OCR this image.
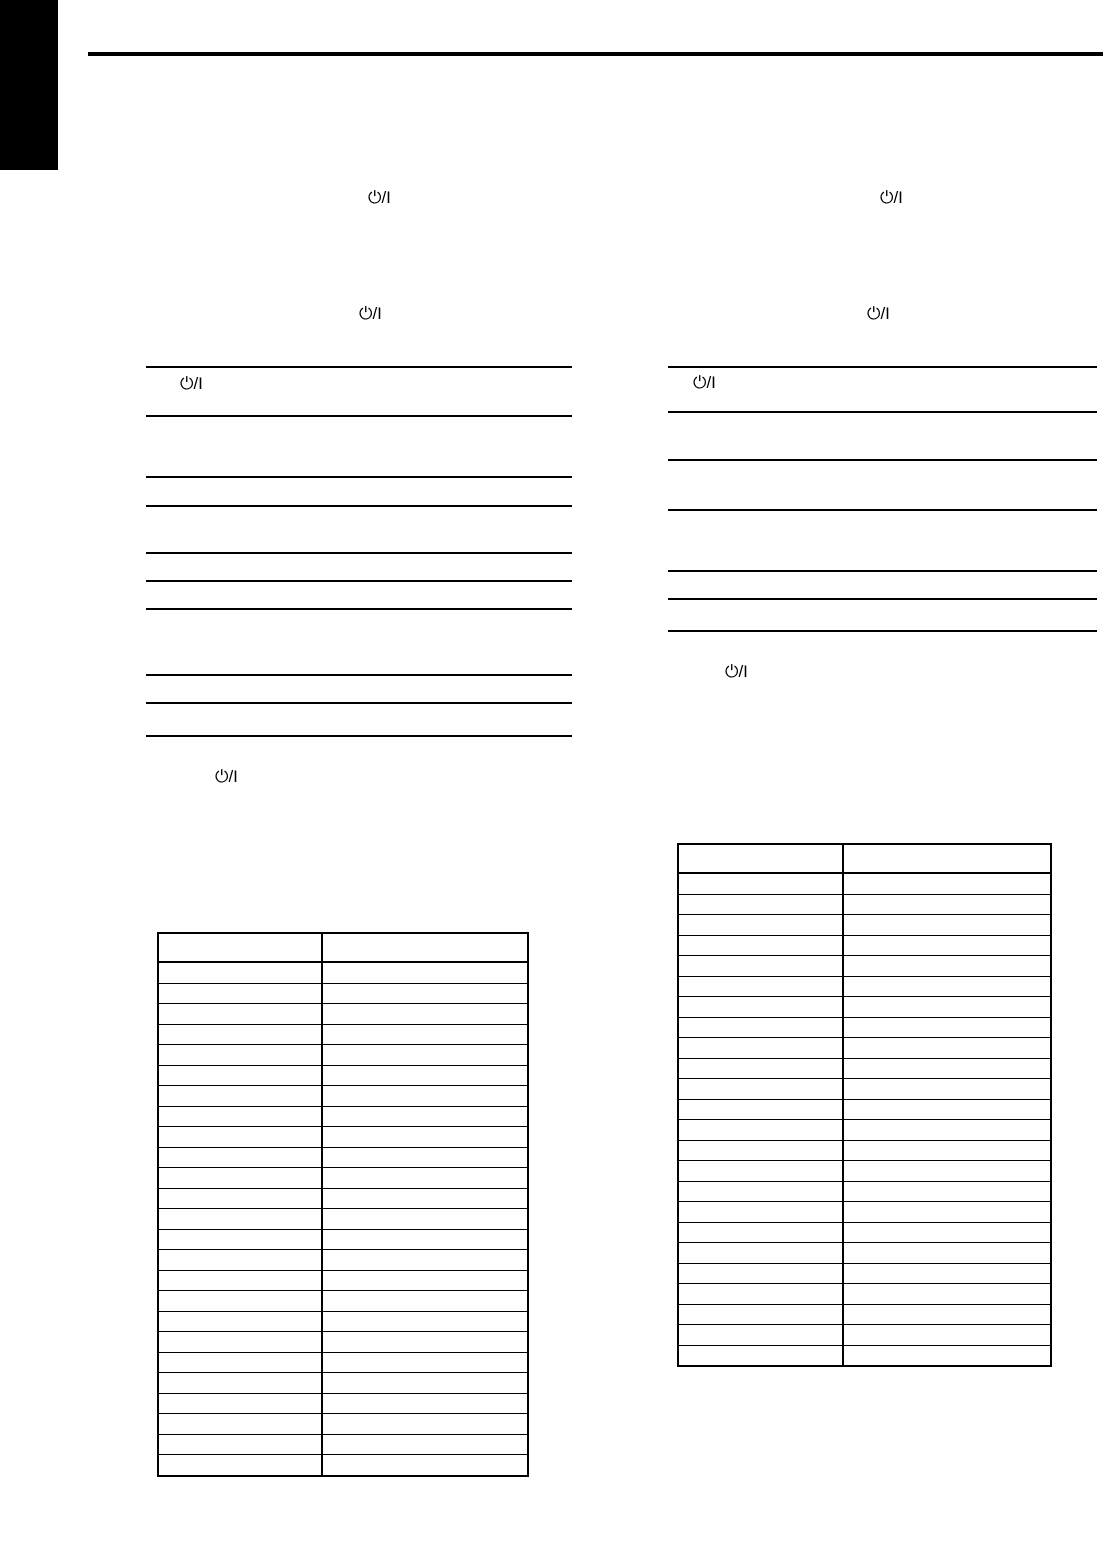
⏻/I
⏻/I
⏻/I
⏻/I
⏻/I
⏻/I
⏻/I
⏻/I
